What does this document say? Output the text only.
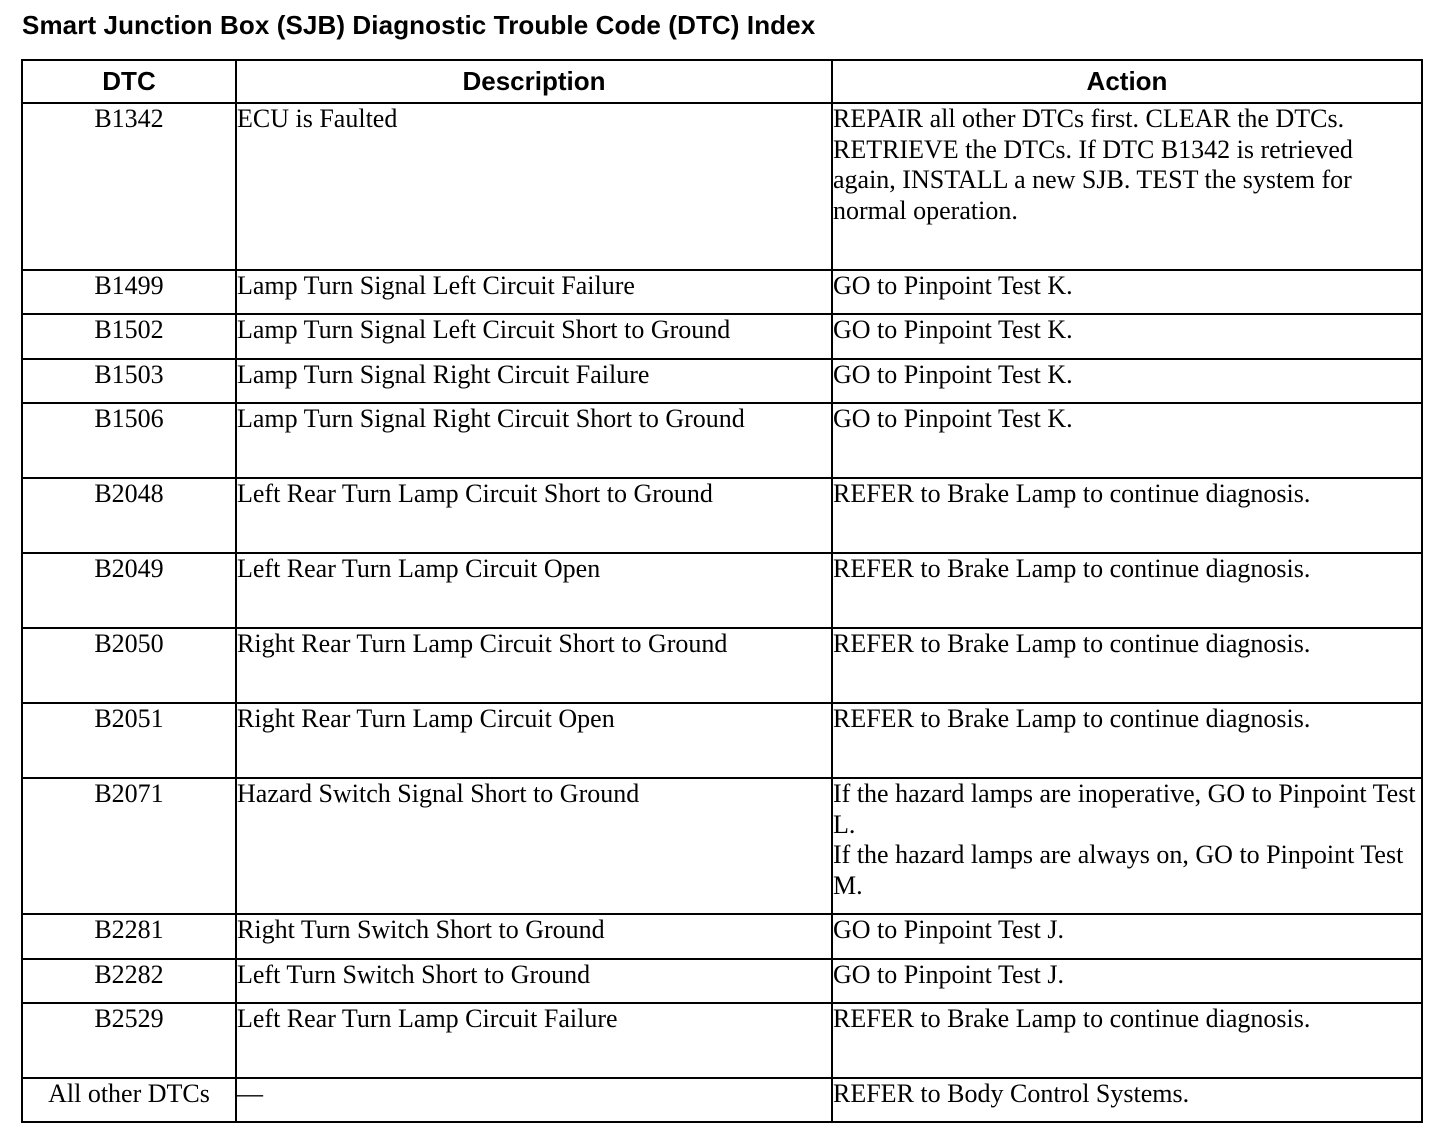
Smart Junction Box (SJB) Diagnostic Trouble Code (DTC) Index
DTC	Description	Action
B1342	ECU is Faulted	REPAIR all other DTCs first. CLEAR the DTCs. RETRIEVE the DTCs. If DTC B1342 is retrieved again, INSTALL a new SJB. TEST the system for normal operation.

B1499	Lamp Turn Signal Left Circuit Failure	GO to Pinpoint Test K.

B1502	Lamp Turn Signal Left Circuit Short to Ground	GO to Pinpoint Test K.

B1503	Lamp Turn Signal Right Circuit Failure	GO to Pinpoint Test K.

B1506	Lamp Turn Signal Right Circuit Short to Ground	GO to Pinpoint Test K.

B2048	Left Rear Turn Lamp Circuit Short to Ground	REFER to Brake Lamp to continue diagnosis.

B2049	Left Rear Turn Lamp Circuit Open	REFER to Brake Lamp to continue diagnosis.

B2050	Right Rear Turn Lamp Circuit Short to Ground	REFER to Brake Lamp to continue diagnosis.

B2051	Right Rear Turn Lamp Circuit Open	REFER to Brake Lamp to continue diagnosis.

B2071	Hazard Switch Signal Short to Ground	If the hazard lamps are inoperative, GO to Pinpoint Test L.
If the hazard lamps are always on, GO to Pinpoint Test M.

B2281	Right Turn Switch Short to Ground	GO to Pinpoint Test J.

B2282	Left Turn Switch Short to Ground	GO to Pinpoint Test J.

B2529	Left Rear Turn Lamp Circuit Failure	REFER to Brake Lamp to continue diagnosis.

All other DTCs	—	REFER to Body Control Systems.
